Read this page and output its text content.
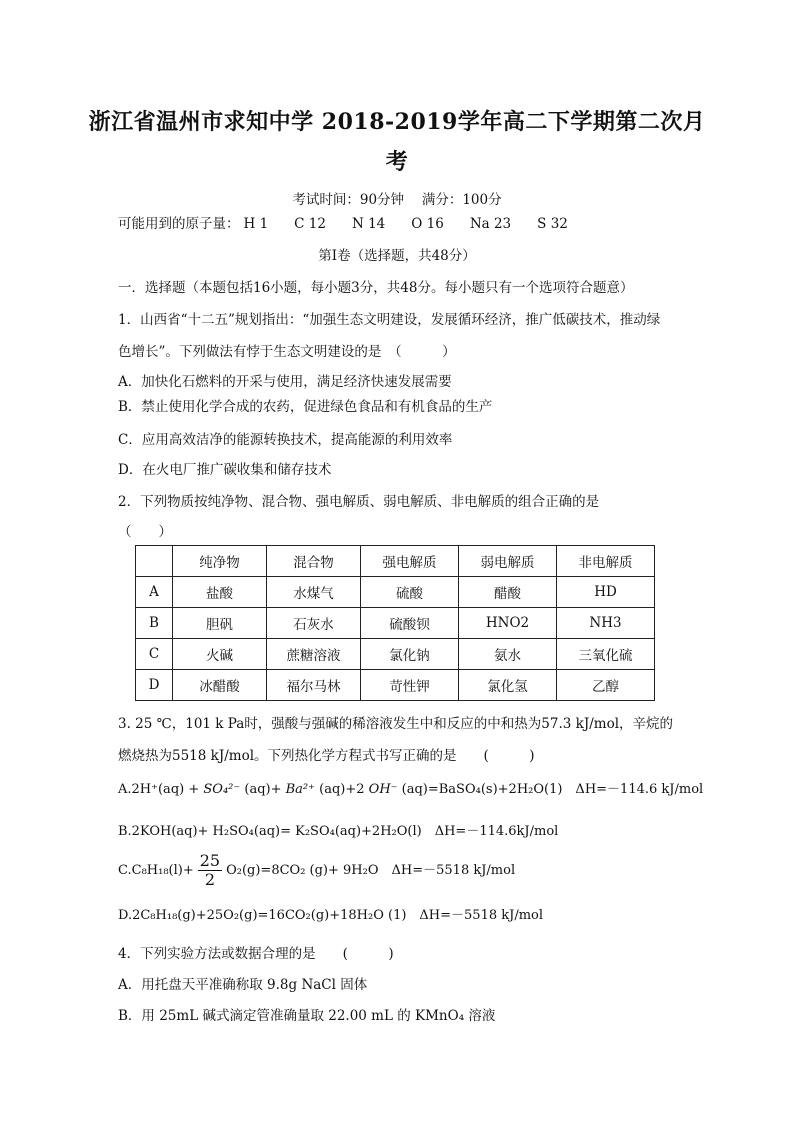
浙江省温州市求知中学 2018-2019学年高二下学期第二次月
考
考试时间：90分钟　 满分：100分
可能用到的原子量： H 1 C 12 N 14 O 16 Na 23 S 32
第Ⅰ卷（选择题，共48分）
一．选择题（本题包括16小题，每小题3分，共48分。每小题只有一个选项符合题意）
1．山西省“十二五”规划指出：“加强生态文明建设，发展循环经济，推广低碳技术，推动绿
色增长”。下列做法有悖于生态文明建设的是　（　　　）
A．加快化石燃料的开采与使用，满足经济快速发展需要
B．禁止使用化学合成的农药，促进绿色食品和有机食品的生产
C．应用高效洁净的能源转换技术，提高能源的利用效率
D．在火电厂推广碳收集和储存技术
2．下列物质按纯净物、混合物、强电解质、弱电解质、非电解质的组合正确的是
（　　）
	纯净物	混合物	强电解质	弱电解质	非电解质
A	盐酸	水煤气	硫酸	醋酸	HD
B	胆矾	石灰水	硫酸钡	HNO2	NH3
C	火碱	蔗糖溶液	氯化钠	氨水	三氧化硫
D	冰醋酸	福尔马林	苛性钾	氯化氢	乙醇
3. 25 ℃，101 k Pa时，强酸与强碱的稀溶液发生中和反应的中和热为57.3 kJ/mol，辛烷的
燃烧热为5518 kJ/mol。下列热化学方程式书写正确的是　　(　　　)
A.2H⁺(aq) + SO₄²⁻ (aq)+ Ba²⁺ (aq)+2 OH⁻ (aq)=BaSO₄(s)+2H₂O(1)　ΔH=－114.6 kJ/mol
B.2KOH(aq)+ H₂SO₄(aq)= K₂SO₄(aq)+2H₂O(l)　ΔH=－114.6kJ/mol
$C.C_8H_{18}(l)+ \frac{25}{2} O_2(g)=8CO_2$ (g)+ 9H₂O　ΔH=－5518 kJ/mol
D.2C₈H₁₈(g)+25O₂(g)=16CO₂(g)+18H₂O (1)　ΔH=－5518 kJ/mol
4．下列实验方法或数据合理的是　　(　　　)
A．用托盘天平准确称取 9.8g NaCl 固体
B．用 25mL 碱式滴定管准确量取 22.00 mL 的 KMnO₄ 溶液
